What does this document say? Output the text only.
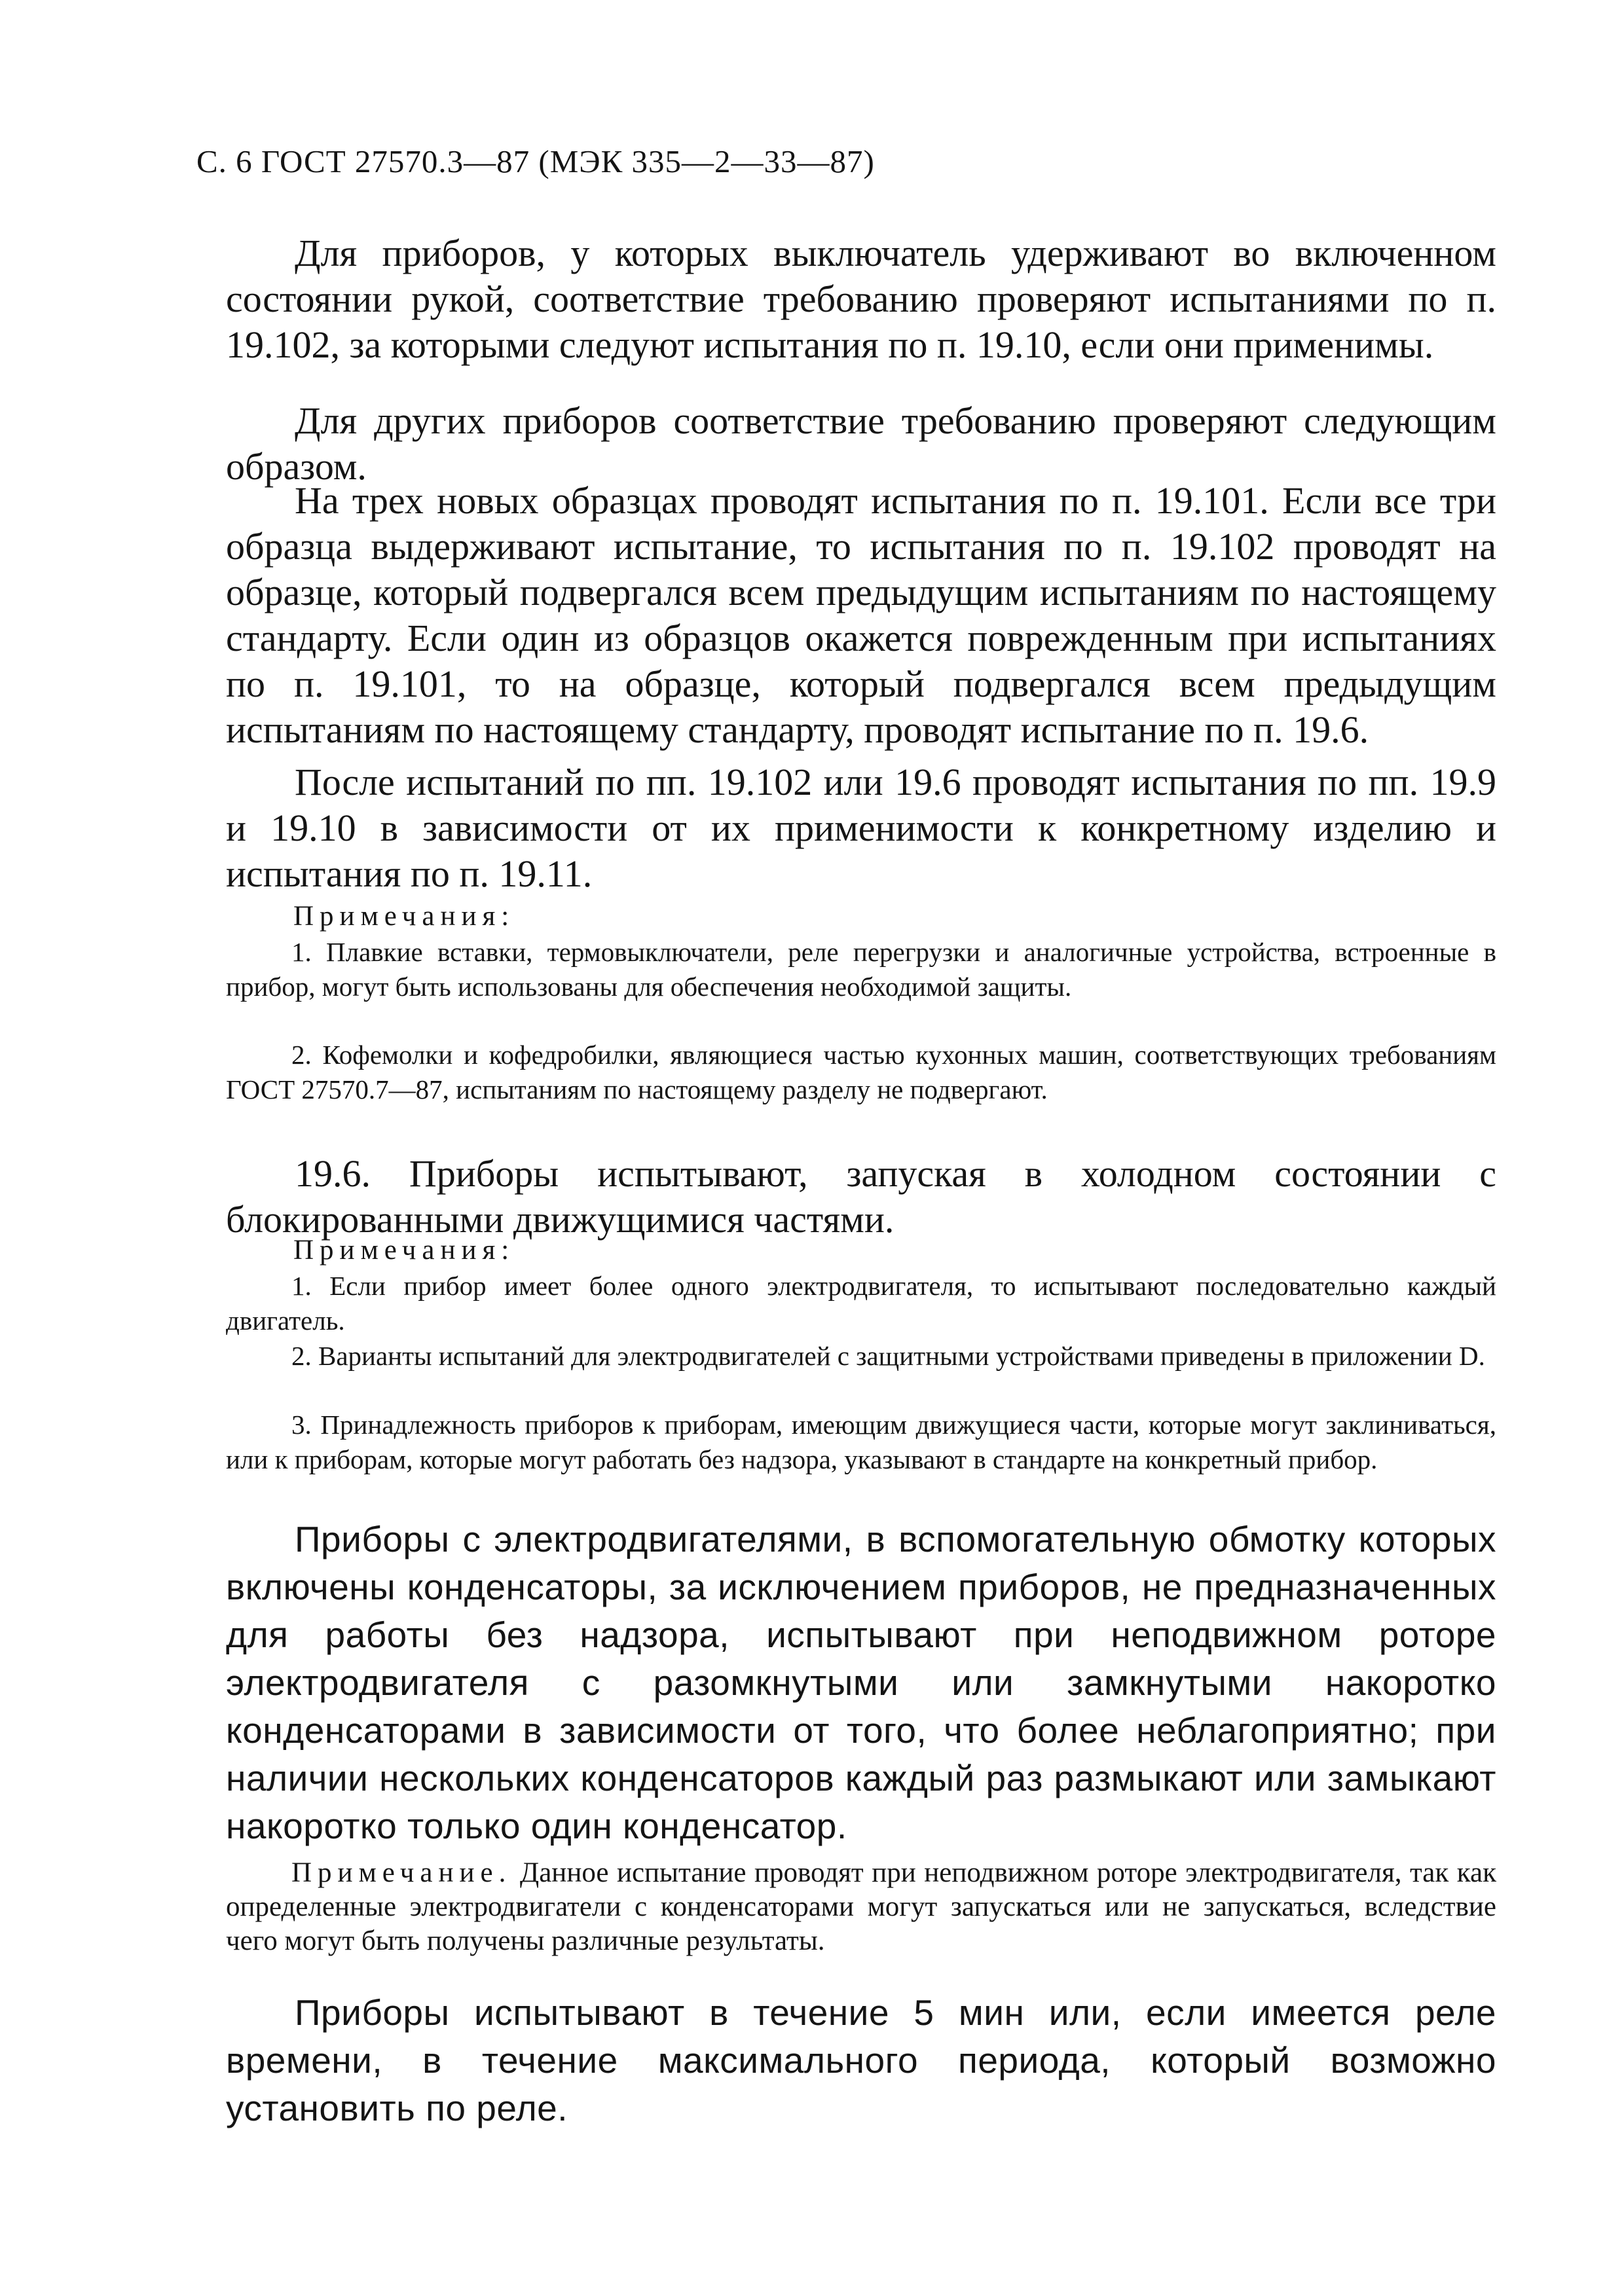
С. 6 ГОСТ 27570.3—87 (МЭК 335—2—33—87)

Для приборов, у которых выключатель удерживают во включенном состоянии рукой, соответствие требованию проверяют испытаниями по п. 19.102, за которыми следуют испытания по п. 19.10, если они применимы.

Для других приборов соответствие требованию проверяют следующим образом.

На трех новых образцах проводят испытания по п. 19.101. Если все три образца выдерживают испытание, то испытания по п. 19.102 проводят на образце, который подвергался всем предыдущим испытаниям по настоящему стандарту. Если один из образцов окажется поврежденным при испытаниях по п. 19.101, то на образце, который подвергался всем предыдущим испытаниям по настоящему стандарту, проводят испытание по п. 19.6.

После испытаний по пп. 19.102 или 19.6 проводят испытания по пп. 19.9 и 19.10 в зависимости от их применимости к конкретному изделию и испытания по п. 19.11.

Примечания:

1. Плавкие вставки, термовыключатели, реле перегрузки и аналогичные устройства, встроенные в прибор, могут быть использованы для обеспечения необходимой защиты.

2. Кофемолки и кофедробилки, являющиеся частью кухонных машин, соответствующих требованиям ГОСТ 27570.7—87, испытаниям по настоящему разделу не подвергают.

19.6. Приборы испытывают, запуская в холодном состоянии с блокированными движущимися частями.

Примечания:

1. Если прибор имеет более одного электродвигателя, то испытывают последовательно каждый двигатель.

2. Варианты испытаний для электродвигателей с защитными устройствами приведены в приложении D.

3. Принадлежность приборов к приборам, имеющим движущиеся части, которые могут заклиниваться, или к приборам, которые могут работать без надзора, указывают в стандарте на конкретный прибор.

Приборы с электродвигателями, в вспомогательную обмотку которых включены конденсаторы, за исключением приборов, не предназначенных для работы без надзора, испытывают при неподвижном роторе электродвигателя с разомкнутыми или замкнутыми накоротко конденсаторами в зависимости от того, что более неблагоприятно; при наличии нескольких конденсаторов каждый раз размыкают или замыкают накоротко только один конденсатор.

Примечание. Данное испытание проводят при неподвижном роторе электродвигателя, так как определенные электродвигатели с конденсаторами могут запускаться или не запускаться, вследствие чего могут быть получены различные результаты.

Приборы испытывают в течение 5 мин или, если имеется реле времени, в течение максимального периода, который возможно установить по реле.
